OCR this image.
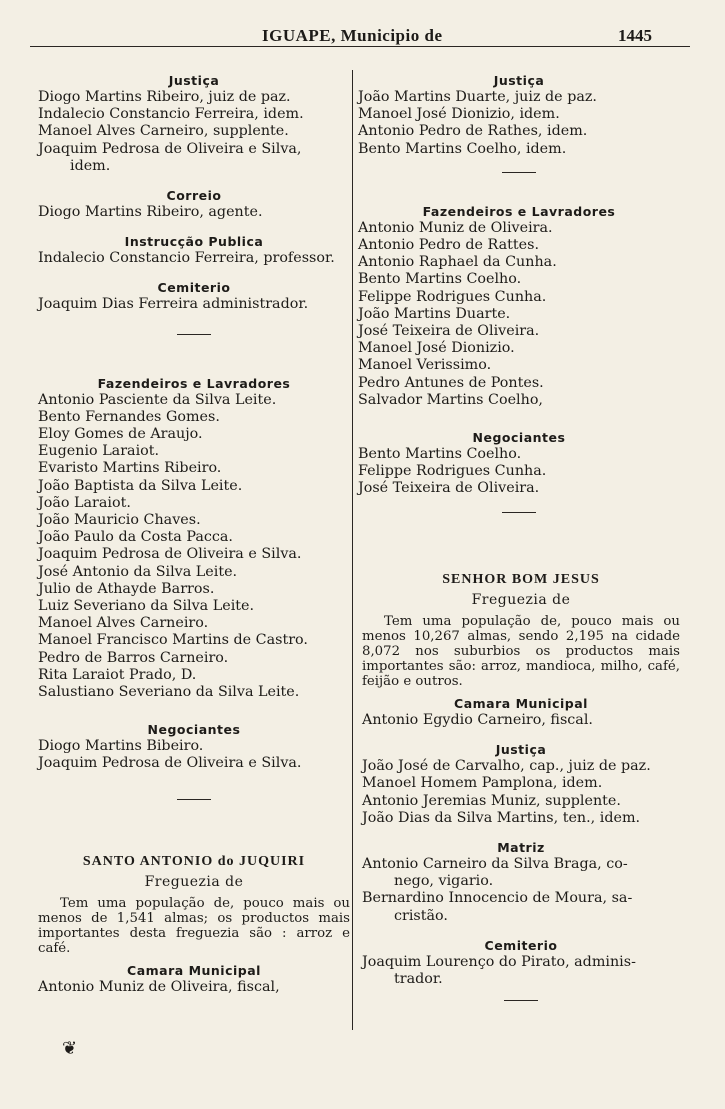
IGUAPE, Municipio de	1445
Justiça
Diogo Martins Ribeiro, juiz de paz.
Indalecio Constancio Ferreira, idem.
Manoel Alves Carneiro, supplente.
Joaquim Pedrosa de Oliveira e Silva,
idem.
Correio
Diogo Martins Ribeiro, agente.
Instrucção Publica
Indalecio Constancio Ferreira, professor.
Cemiterio
Joaquim Dias Ferreira administrador.
Fazendeiros e Lavradores
Antonio Pasciente da Silva Leite.
Bento Fernandes Gomes.
Eloy Gomes de Araujo.
Eugenio Laraiot.
Evaristo Martins Ribeiro.
João Baptista da Silva Leite.
João Laraiot.
João Mauricio Chaves.
João Paulo da Costa Pacca.
Joaquim Pedrosa de Oliveira e Silva.
José Antonio da Silva Leite.
Julio de Athayde Barros.
Luiz Severiano da Silva Leite.
Manoel Alves Carneiro.
Manoel Francisco Martins de Castro.
Pedro de Barros Carneiro.
Rita Laraiot Prado, D.
Salustiano Severiano da Silva Leite.
Negociantes
Diogo Martins Bibeiro.
Joaquim Pedrosa de Oliveira e Silva.
SANTO ANTONIO do JUQUIRI
Freguezia de
Tem uma população de, pouco mais ou menos de 1,541 almas; os productos mais importantes desta freguezia são : arroz e café.
Camara Municipal
Antonio Muniz de Oliveira, fiscal,
Justiça
João Martins Duarte, juiz de paz.
Manoel José Dionizio, idem.
Antonio Pedro de Rathes, idem.
Bento Martins Coelho, idem.
Fazendeiros e Lavradores
Antonio Muniz de Oliveira.
Antonio Pedro de Rattes.
Antonio Raphael da Cunha.
Bento Martins Coelho.
Felippe Rodrigues Cunha.
João Martins Duarte.
José Teixeira de Oliveira.
Manoel José Dionizio.
Manoel Verissimo.
Pedro Antunes de Pontes.
Salvador Martins Coelho,
Negociantes
Bento Martins Coelho.
Felippe Rodrigues Cunha.
José Teixeira de Oliveira.
SENHOR BOM JESUS
Freguezia de
Tem uma população de, pouco mais ou menos 10,267 almas, sendo 2,195 na cidade 8,072 nos suburbios os productos mais importantes são: arroz, mandioca, milho, café, feijão e outros.
Camara Municipal
Antonio Egydio Carneiro, fiscal.
Justiça
João José de Carvalho, cap., juiz de paz.
Manoel Homem Pamplona, idem.
Antonio Jeremias Muniz, supplente.
João Dias da Silva Martins, ten., idem.
Matriz
Antonio Carneiro da Silva Braga, co-
nego, vigario.
Bernardino Innocencio de Moura, sa-
cristão.
Cemiterio
Joaquim Lourenço do Pirato, adminis-
trador.
❦
